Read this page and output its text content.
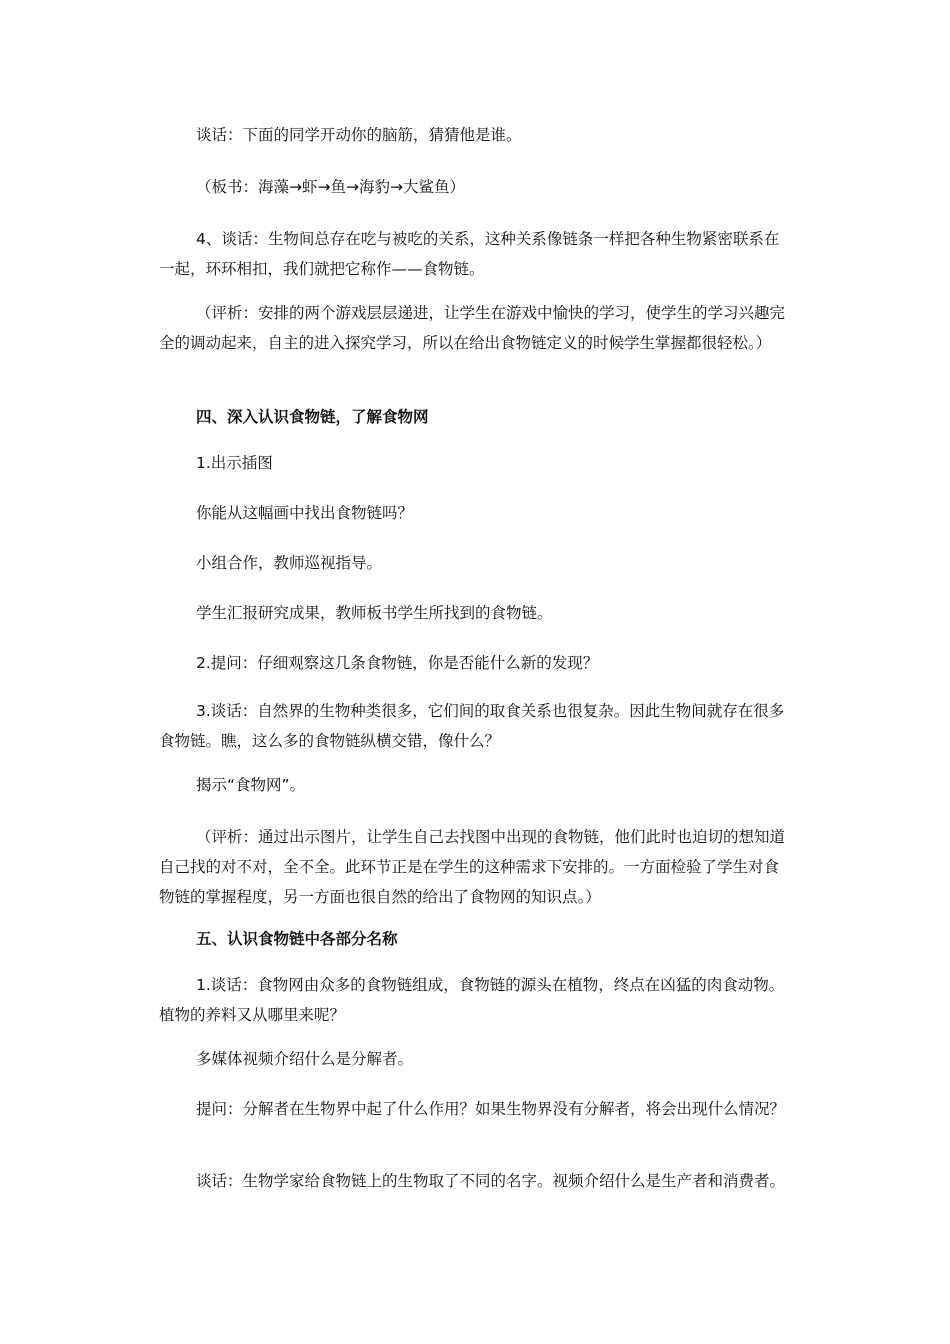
谈话：下面的同学开动你的脑筋，猜猜他是谁。

（板书：海藻→虾→鱼→海豹→大鲨鱼）

4、谈话：生物间总存在吃与被吃的关系，这种关系像链条一样把各种生物紧密联系在一起，环环相扣，我们就把它称作——食物链。

（评析：安排的两个游戏层层递进，让学生在游戏中愉快的学习，使学生的学习兴趣完全的调动起来，自主的进入探究学习，所以在给出食物链定义的时候学生掌握都很轻松。）

四、深入认识食物链，了解食物网

1.出示插图

你能从这幅画中找出食物链吗？

小组合作，教师巡视指导。

学生汇报研究成果，教师板书学生所找到的食物链。

2.提问：仔细观察这几条食物链，你是否能什么新的发现？

3.谈话：自然界的生物种类很多，它们间的取食关系也很复杂。因此生物间就存在很多食物链。瞧，这么多的食物链纵横交错，像什么？

揭示“食物网”。

（评析：通过出示图片，让学生自己去找图中出现的食物链，他们此时也迫切的想知道自己找的对不对，全不全。此环节正是在学生的这种需求下安排的。一方面检验了学生对食物链的掌握程度，另一方面也很自然的给出了食物网的知识点。）

五、认识食物链中各部分名称

1.谈话：食物网由众多的食物链组成，食物链的源头在植物，终点在凶猛的肉食动物。植物的养料又从哪里来呢？

多媒体视频介绍什么是分解者。

提问：分解者在生物界中起了什么作用？如果生物界没有分解者，将会出现什么情况？

谈话：生物学家给食物链上的生物取了不同的名字。视频介绍什么是生产者和消费者。
